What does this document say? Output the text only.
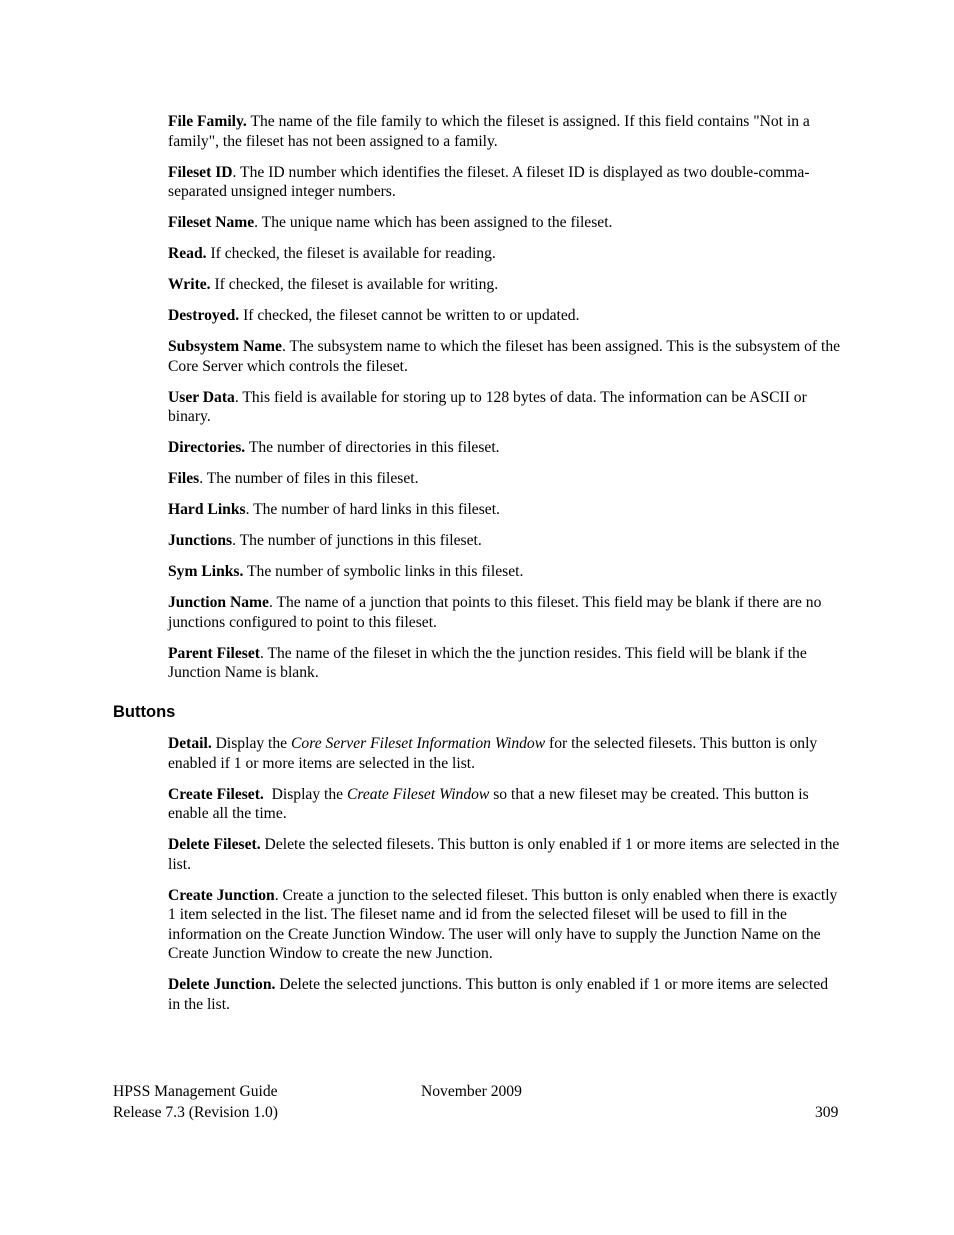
File Family. The name of the file family to which the fileset is assigned. If this field contains "Not in a family", the fileset has not been assigned to a family.

Fileset ID. The ID number which identifies the fileset. A fileset ID is displayed as two double-comma-separated unsigned integer numbers.

Fileset Name. The unique name which has been assigned to the fileset.

Read. If checked, the fileset is available for reading.

Write. If checked, the fileset is available for writing.

Destroyed. If checked, the fileset cannot be written to or updated.

Subsystem Name. The subsystem name to which the fileset has been assigned. This is the subsystem of the Core Server which controls the fileset.

User Data. This field is available for storing up to 128 bytes of data. The information can be ASCII or binary.

Directories. The number of directories in this fileset.

Files. The number of files in this fileset.

Hard Links. The number of hard links in this fileset.

Junctions. The number of junctions in this fileset.

Sym Links. The number of symbolic links in this fileset.

Junction Name. The name of a junction that points to this fileset. This field may be blank if there are no junctions configured to point to this fileset.

Parent Fileset. The name of the fileset in which the the junction resides. This field will be blank if the Junction Name is blank.

Buttons

Detail. Display the Core Server Fileset Information Window for the selected filesets. This button is only enabled if 1 or more items are selected in the list.

Create Fileset.  Display the Create Fileset Window so that a new fileset may be created. This button is enable all the time.

Delete Fileset. Delete the selected filesets. This button is only enabled if 1 or more items are selected in the list.

Create Junction. Create a junction to the selected fileset. This button is only enabled when there is exactly 1 item selected in the list. The fileset name and id from the selected fileset will be used to fill in the information on the Create Junction Window. The user will only have to supply the Junction Name on the Create Junction Window to create the new Junction.

Delete Junction. Delete the selected junctions. This button is only enabled if 1 or more items are selected in the list.

HPSS Management Guide
Release 7.3 (Revision 1.0)
November 2009
309
